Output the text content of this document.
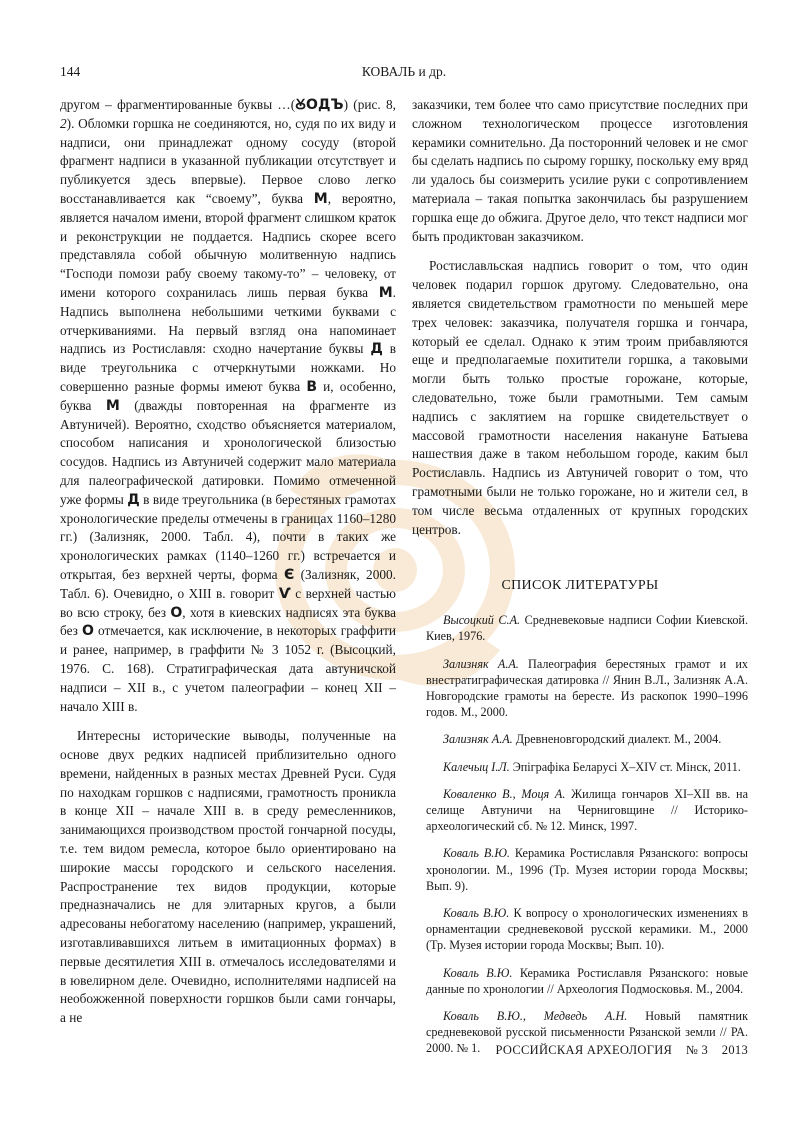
144	КОВАЛЬ и др.

другом – фрагментированные буквы …(ꙊОДЪ) (рис. 8, 2). Обломки горшка не соединяются, но, судя по их виду и надписи, они принадлежат одному сосуду (второй фрагмент надписи в указанной публикации отсутствует и публикуется здесь впервые). Первое слово легко восстанавливается как “своему”, буква М, вероятно, является началом имени, второй фрагмент слишком краток и реконструкции не поддается. Надпись скорее всего представляла собой обычную молитвенную надпись “Господи помози рабу своему такому-то” – человеку, от имени которого сохранилась лишь первая буква М. Надпись выполнена небольшими четкими буквами с отчеркиваниями. На первый взгляд она напоминает надпись из Ростиславля: сходно начертание буквы Д в виде треугольника с отчеркнутыми ножками. Но совершенно разные формы имеют буква В и, особенно, буква М (дважды повторенная на фрагменте из Автуничей). Вероятно, сходство объясняется материалом, способом написания и хронологической близостью сосудов. Надпись из Автуничей содержит мало материала для палеографической датировки. Помимо отмеченной уже формы Д в виде треугольника (в берестяных грамотах хронологические пределы отмечены в границах 1160–1280 гг.) (Зализняк, 2000. Табл. 4), почти в таких же хронологических рамках (1140–1260 гг.) встречается и открытая, без верхней черты, форма Є (Зализняк, 2000. Табл. 6). Очевидно, о XIII в. говорит Ѵ с верхней частью во всю строку, без О, хотя в киевских надписях эта буква без О отмечается, как исключение, в некоторых граффити и ранее, например, в граффити № 3 1052 г. (Высоцкий, 1976. С. 168). Стратиграфическая дата автуничской надписи – XII в., с учетом палеографии – конец XII – начало XIII в.

Интересны исторические выводы, полученные на основе двух редких надписей приблизительно одного времени, найденных в разных местах Древней Руси. Судя по находкам горшков с надписями, грамотность проникла в конце XII – начале XIII в. в среду ремесленников, занимающихся производством простой гончарной посуды, т.е. тем видом ремесла, которое было ориентировано на широкие массы городского и сельского населения. Распространение тех видов продукции, которые предназначались не для элитарных кругов, а были адресованы небогатому населению (например, украшений, изготавливавшихся литьем в имитационных формах) в первые десятилетия XIII в. отмечалось исследователями и в ювелирном деле. Очевидно, исполнителями надписей на необожженной поверхности горшков были сами гончары, а не

заказчики, тем более что само присутствие последних при сложном технологическом процессе изготовления керамики сомнительно. Да посторонний человек и не смог бы сделать надпись по сырому горшку, поскольку ему вряд ли удалось бы соизмерить усилие руки с сопротивлением материала – такая попытка закончилась бы разрушением горшка еще до обжига. Другое дело, что текст надписи мог быть продиктован заказчиком.

Ростиславльская надпись говорит о том, что один человек подарил горшок другому. Следовательно, она является свидетельством грамотности по меньшей мере трех человек: заказчика, получателя горшка и гончара, который ее сделал. Однако к этим троим прибавляются еще и предполагаемые похитители горшка, а таковыми могли быть только простые горожане, которые, следовательно, тоже были грамотными. Тем самым надпись с заклятием на горшке свидетельствует о массовой грамотности населения накануне Батыева нашествия даже в таком небольшом городе, каким был Ростиславль. Надпись из Автуничей говорит о том, что грамотными были не только горожане, но и жители сел, в том числе весьма отдаленных от крупных городских центров.

СПИСОК ЛИТЕРАТУРЫ

Высоцкий С.А. Средневековые надписи Софии Киевской. Киев, 1976.

Зализняк А.А. Палеография берестяных грамот и их внестратиграфическая датировка // Янин В.Л., Зализняк А.А. Новгородские грамоты на бересте. Из раскопок 1990–1996 годов. М., 2000.

Зализняк А.А. Древненовгородский диалект. М., 2004.

Калечыц I.Л. Эпіграфіка Беларусі X–XIV ст. Мінск, 2011.

Коваленко В., Моця А. Жилища гончаров XI–XII вв. на селище Автуничи на Черниговщине // Историко-археологический сб. № 12. Минск, 1997.

Коваль В.Ю. Керамика Ростиславля Рязанского: вопросы хронологии. М., 1996 (Тр. Музея истории города Москвы; Вып. 9).

Коваль В.Ю. К вопросу о хронологических изменениях в орнаментации средневековой русской керамики. М., 2000 (Тр. Музея истории города Москвы; Вып. 10).

Коваль В.Ю. Керамика Ростиславля Рязанского: новые данные по хронологии // Археология Подмосковья. М., 2004.

Коваль В.Ю., Медведь А.Н. Новый памятник средневековой русской письменности Рязанской земли // РА. 2000. № 1.	РОССИЙСКАЯ АРХЕОЛОГИЯ № 3 2013
